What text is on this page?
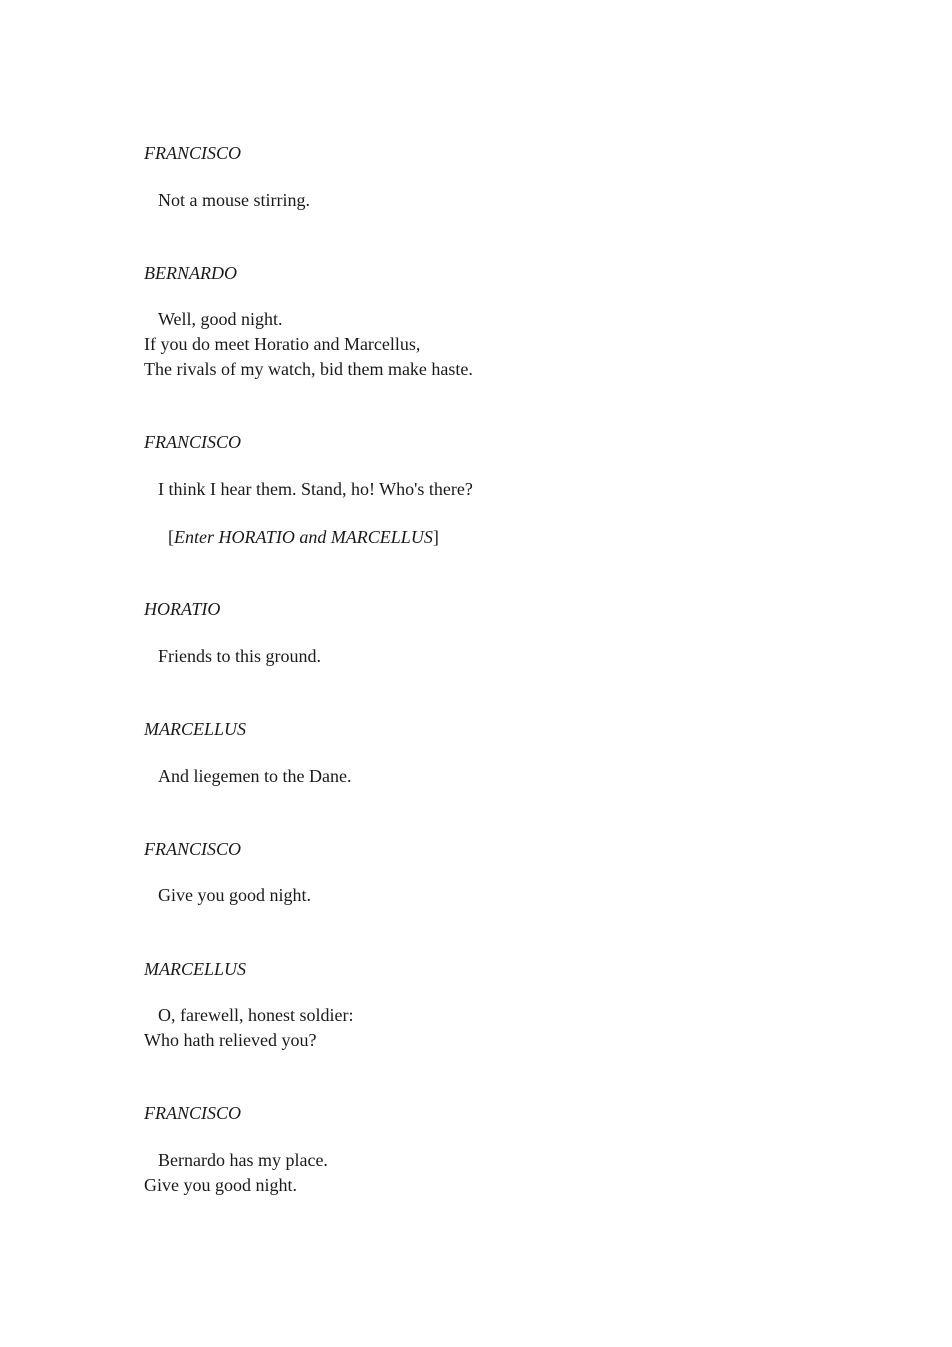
FRANCISCO
Not a mouse stirring.
BERNARDO
Well, good night.
If you do meet Horatio and Marcellus,
The rivals of my watch, bid them make haste.
FRANCISCO
I think I hear them. Stand, ho! Who's there?
[Enter HORATIO and MARCELLUS]
HORATIO
Friends to this ground.
MARCELLUS
And liegemen to the Dane.
FRANCISCO
Give you good night.
MARCELLUS
O, farewell, honest soldier:
Who hath relieved you?
FRANCISCO
Bernardo has my place.
Give you good night.
